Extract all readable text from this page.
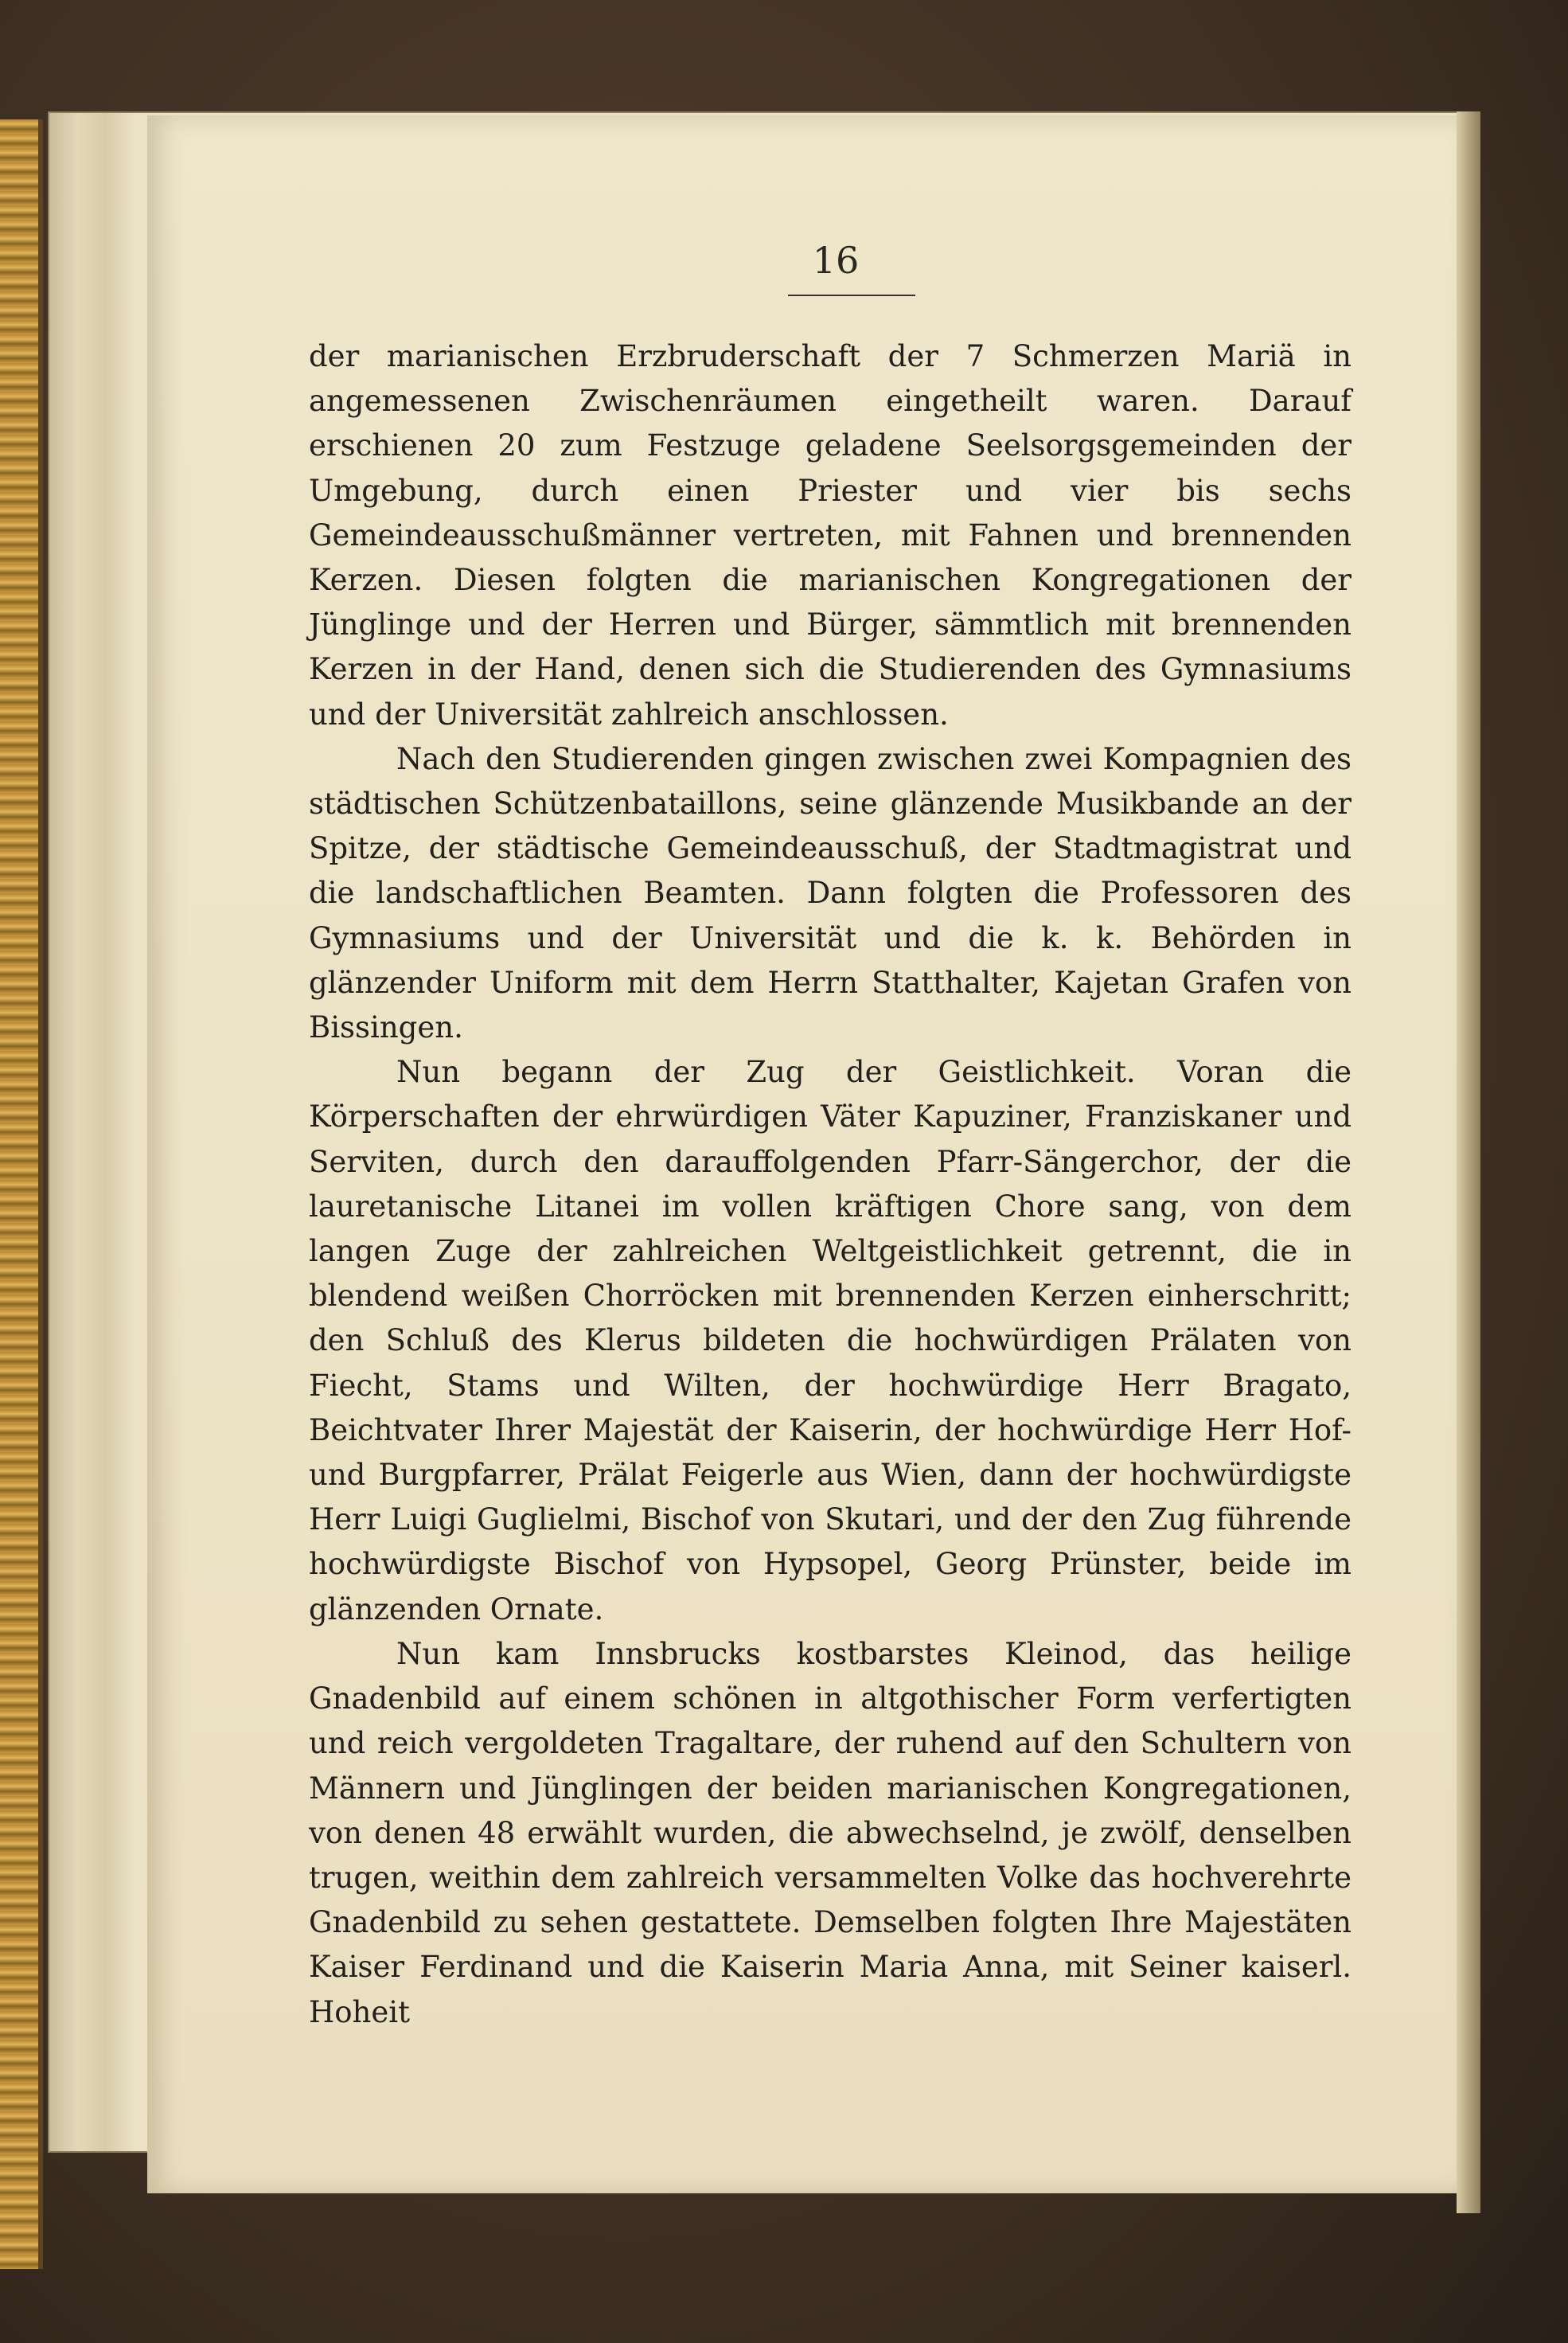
16

der marianischen Erzbruderschaft der 7 Schmerzen Mariä in angemessenen Zwischenräumen eingetheilt waren. Darauf erschienen 20 zum Festzuge geladene Seelsorgsgemeinden der Umgebung, durch einen Priester und vier bis sechs Gemeindeausschußmänner vertreten, mit Fahnen und brennenden Kerzen. Diesen folgten die marianischen Kongregationen der Jünglinge und der Herren und Bürger, sämmtlich mit brennenden Kerzen in der Hand, denen sich die Studierenden des Gymnasiums und der Universität zahlreich anschlossen.

Nach den Studierenden gingen zwischen zwei Kompagnien des städtischen Schützenbataillons, seine glänzende Musikbande an der Spitze, der städtische Gemeindeausschuß, der Stadtmagistrat und die landschaftlichen Beamten. Dann folgten die Professoren des Gymnasiums und der Universität und die k. k. Behörden in glänzender Uniform mit dem Herrn Statthalter, Kajetan Grafen von Bissingen.

Nun begann der Zug der Geistlichkeit. Voran die Körperschaften der ehrwürdigen Väter Kapuziner, Franziskaner und Serviten, durch den darauffolgenden Pfarr-Sängerchor, der die lauretanische Litanei im vollen kräftigen Chore sang, von dem langen Zuge der zahlreichen Weltgeistlichkeit getrennt, die in blendend weißen Chorröcken mit brennenden Kerzen einherschritt; den Schluß des Klerus bildeten die hochwürdigen Prälaten von Fiecht, Stams und Wilten, der hochwürdige Herr Bragato, Beichtvater Ihrer Majestät der Kaiserin, der hochwürdige Herr Hof- und Burgpfarrer, Prälat Feigerle aus Wien, dann der hochwürdigste Herr Luigi Guglielmi, Bischof von Skutari, und der den Zug führende hochwürdigste Bischof von Hypsopel, Georg Prünster, beide im glänzenden Ornate.

Nun kam Innsbrucks kostbarstes Kleinod, das heilige Gnadenbild auf einem schönen in altgothischer Form verfertigten und reich vergoldeten Tragaltare, der ruhend auf den Schultern von Männern und Jünglingen der beiden marianischen Kongregationen, von denen 48 erwählt wurden, die abwechselnd, je zwölf, denselben trugen, weithin dem zahlreich versammelten Volke das hochverehrte Gnadenbild zu sehen gestattete. Demselben folgten Ihre Majestäten Kaiser Ferdinand und die Kaiserin Maria Anna, mit Seiner kaiserl. Hoheit
